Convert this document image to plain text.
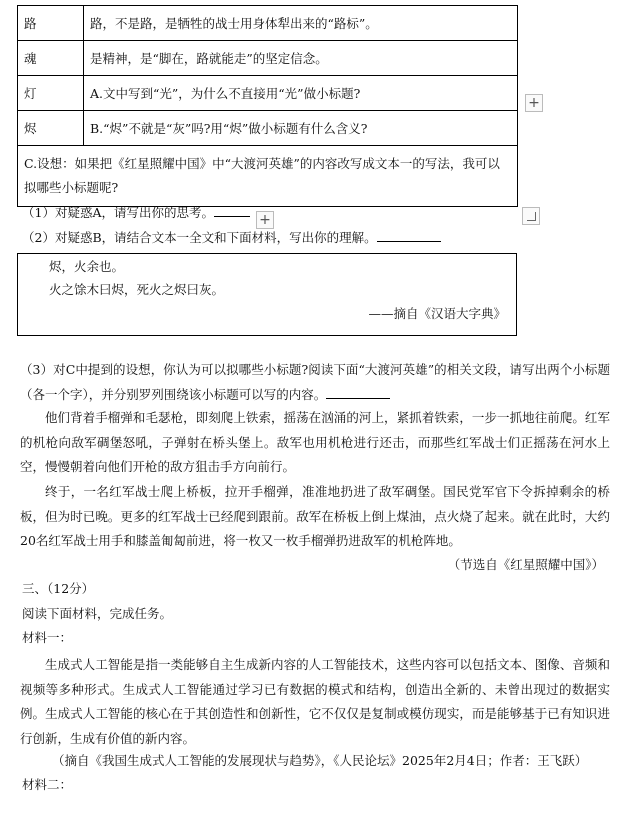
路	路，不是路，是牺牲的战士用身体犁出来的“路标”。
魂	是精神，是“脚在，路就能走”的坚定信念。
灯	A.文中写到“光”，为什么不直接用“光”做小标题?
烬	B.“烬”不就是“灰”吗?用“烬”做小标题有什么含义?
C.设想：如果把《红星照耀中国》中“大渡河英雄”的内容改写成文本一的写法，我可以拟哪些小标题呢?	
+
（1）对疑惑A，请写出你的思考。	+
（2）对疑惑B，请结合文本一全文和下面材料，写出你的理解。
烬，火余也。
火之馀木曰烬，死火之烬曰灰。
——摘自《汉语大字典》
（3）对C中提到的设想，你认为可以拟哪些小标题?阅读下面“大渡河英雄”的相关文段，请写出两个小标题（各一个字），并分别罗列围绕该小标题可以写的内容。
他们背着手榴弹和毛瑟枪，即刻爬上铁索，摇荡在汹涌的河上，紧抓着铁索，一步一抓地往前爬。红军的机枪向敌军碉堡怒吼，子弹射在桥头堡上。敌军也用机枪进行还击，而那些红军战士们正摇荡在河水上空，慢慢朝着向他们开枪的敌方狙击手方向前行。
终于，一名红军战士爬上桥板，拉开手榴弹，准准地扔进了敌军碉堡。国民党军官下令拆掉剩余的桥板，但为时已晚。更多的红军战士已经爬到跟前。敌军在桥板上倒上煤油，点火烧了起来。就在此时，大约20名红军战士用手和膝盖匍匐前进，将一枚又一枚手榴弹扔进敌军的机枪阵地。
（节选自《红星照耀中国》）
三、（12分）
阅读下面材料，完成任务。
材料一：
生成式人工智能是指一类能够自主生成新内容的人工智能技术，这些内容可以包括文本、图像、音频和视频等多种形式。生成式人工智能通过学习已有数据的模式和结构，创造出全新的、未曾出现过的数据实例。生成式人工智能的核心在于其创造性和创新性，它不仅仅是复制或模仿现实，而是能够基于已有知识进行创新，生成有价值的新内容。
（摘自《我国生成式人工智能的发展现状与趋势》，《人民论坛》2025年2月4日；作者：王飞跃）
材料二：
